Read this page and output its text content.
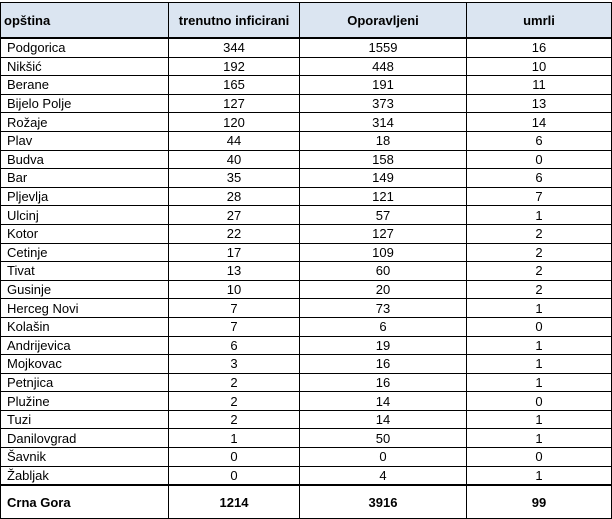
opština	trenutno inficirani	Oporavljeni	umrli
Podgorica	344	1559	16
Nikšić	192	448	10
Berane	165	191	11
Bijelo Polje	127	373	13
Rožaje	120	314	14
Plav	44	18	6
Budva	40	158	0
Bar	35	149	6
Pljevlja	28	121	7
Ulcinj	27	57	1
Kotor	22	127	2
Cetinje	17	109	2
Tivat	13	60	2
Gusinje	10	20	2
Herceg Novi	7	73	1
Kolašin	7	6	0
Andrijevica	6	19	1
Mojkovac	3	16	1
Petnjica	2	16	1
Plužine	2	14	0
Tuzi	2	14	1
Danilovgrad	1	50	1
Šavnik	0	0	0
Žabljak	0	4	1
Crna Gora	1214	3916	99
